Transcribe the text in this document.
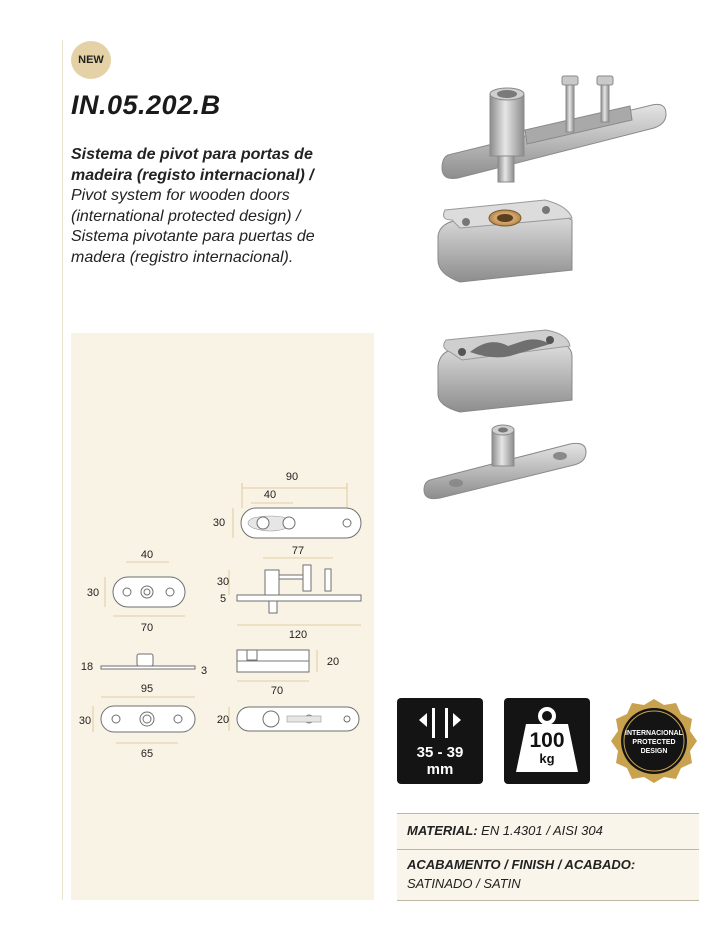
NEW
IN.05.202.B
Sistema de pivot para portas de madeira (registo internacional) /
Pivot system for wooden doors (international protected design) /
Sistema pivotante para puertas de madera (registro internacional).
90
40
30
77
30
5
120
20
70
20
40
30
70
18	3
95
30
65	35 - 39
mm
100
kg
INTERNACIONAL
PROTECTED
DESIGN
MATERIAL: EN 1.4301 / AISI 304
ACABAMENTO / FINISH / ACABADO:
SATINADO / SATIN
